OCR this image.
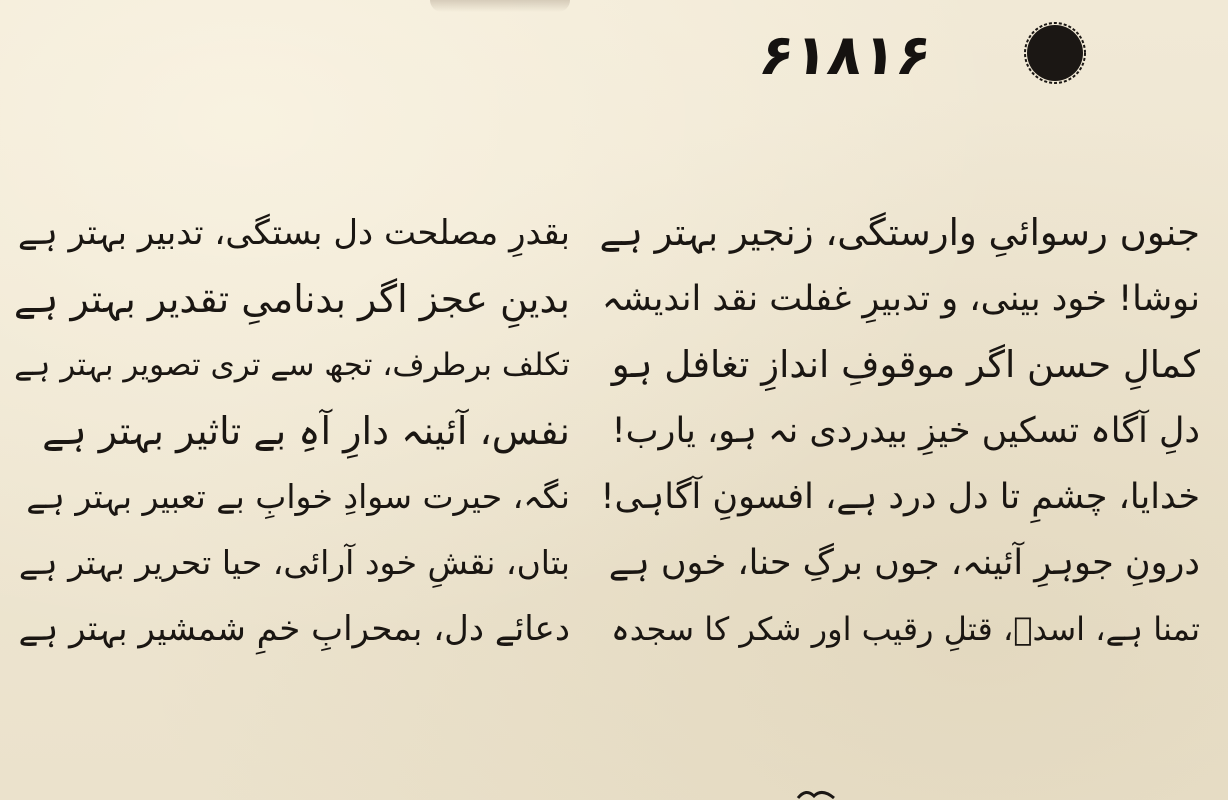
۶۱۸۱۶
جنوں رسوائیِ وارستگی، زنجیر بہتر ہے
نوشا! خود بینی، و تدبیرِ غفلت نقد اندیشہ
کمالِ حسن اگر موقوفِ اندازِ تغافل ہو
دلِ آگاہ تسکیں خیزِ بیدردی نہ ہو، یارب!
خدایا، چشمِ تا دل درد ہے، افسونِ آگاہی!
درونِ جوہرِ آئینہ، جوں برگِ حنا، خوں ہے
تمنا ہے، اسدؔ، قتلِ رقیب اور شکر کا سجدہ
بقدرِ مصلحت دل بستگی، تدبیر بہتر ہے
بدینِ عجز اگر بدنامیِ تقدیر بہتر ہے
تکلف برطرف، تجھ سے تری تصویر بہتر ہے
نفس، آئینہ دارِ آہِ بے تاثیر بہتر ہے
نگہ، حیرت سوادِ خوابِ بے تعبیر بہتر ہے
بتاں، نقشِ خود آرائی، حیا تحریر بہتر ہے
دعائے دل، بمحرابِ خمِ شمشیر بہتر ہے
